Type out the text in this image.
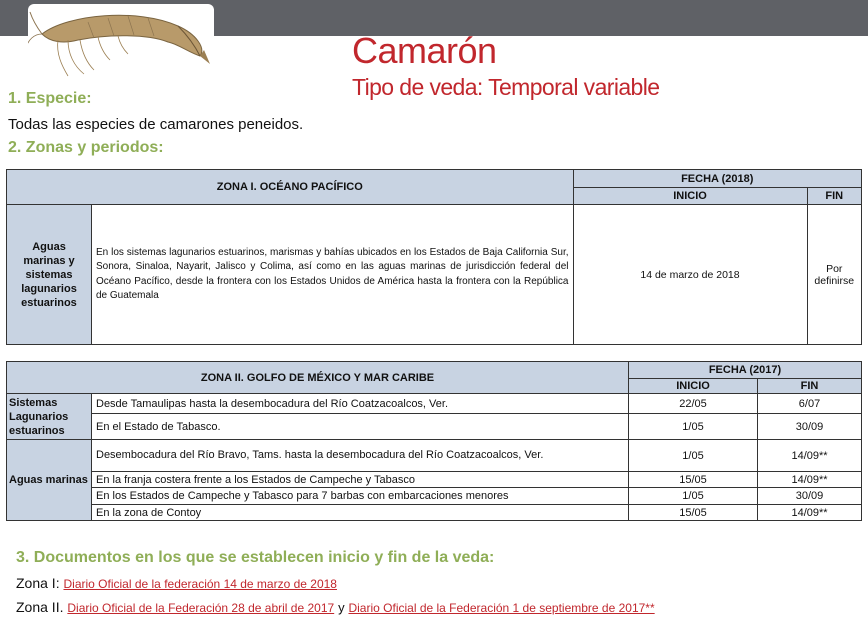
Camarón
Tipo de veda: Temporal variable
1. Especie:
Todas las especies de camarones peneidos.
2. Zonas y periodos:
ZONA I. OCÉANO PACÍFICO		FECHA (2018)	
		INICIO	FIN
Aguas marinas y sistemas lagunarios estuarinos	En los sistemas lagunarios estuarinos, marismas y bahías ubicados en los Estados de Baja California Sur, Sonora, Sinaloa, Nayarit, Jalisco y Colima, así como en las aguas marinas de jurisdicción federal del Océano Pacífico, desde la frontera con los Estados Unidos de América hasta la frontera con la República de Guatemala	14 de marzo de 2018	Por definirse
ZONA II. GOLFO DE MÉXICO Y MAR CARIBE		FECHA (2017)	
		INICIO	FIN
Sistemas Lagunarios estuarinos	Desde Tamaulipas hasta la desembocadura del Río Coatzacoalcos, Ver.	22/05	6/07
	En el Estado de Tabasco.	1/05	30/09
Aguas marinas	Desembocadura del Río Bravo, Tams. hasta la desembocadura del Río Coatzacoalcos, Ver.	1/05	14/09**
	En la franja costera frente a los Estados de Campeche y Tabasco	15/05	14/09**
	En los Estados de Campeche y Tabasco para 7 barbas con embarcaciones menores	1/05	30/09
	En la zona de Contoy	15/05	14/09**
3. Documentos en los que se establecen inicio y fin de la veda:
Zona I: Diario Oficial de la federación 14 de marzo de 2018
Zona II. Diario Oficial de la Federación 28 de abril de 2017 y Diario Oficial de la Federación 1 de septiembre de 2017**
